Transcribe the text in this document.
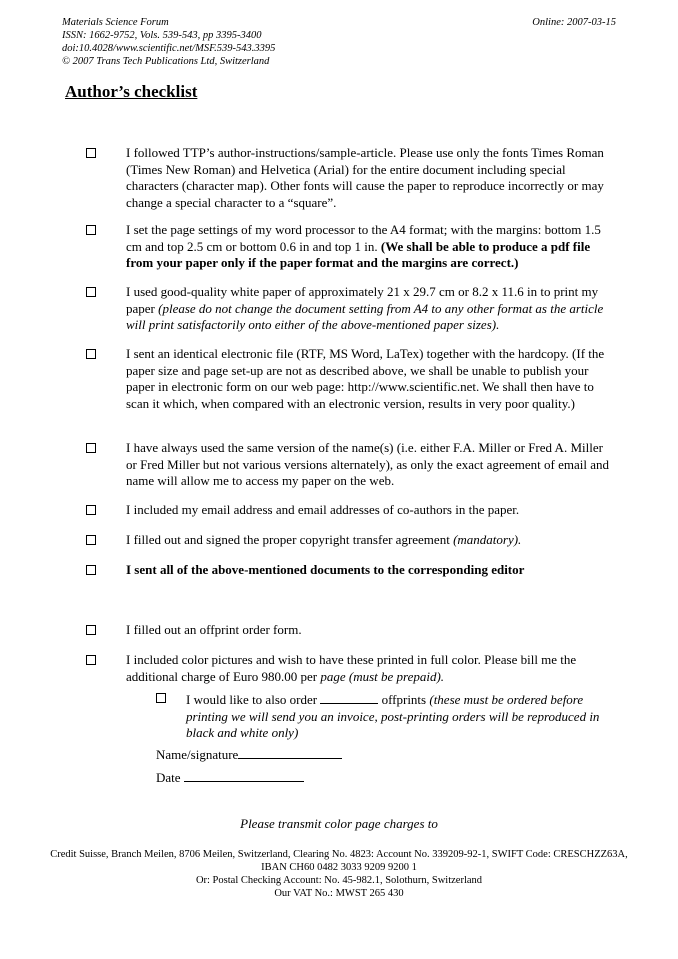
Materials Science Forum
ISSN: 1662-9752, Vols. 539-543, pp 3395-3400
doi:10.4028/www.scientific.net/MSF.539-543.3395
© 2007 Trans Tech Publications Ltd, Switzerland
Online: 2007-03-15
Author’s checklist
I followed TTP’s author-instructions/sample-article. Please use only the fonts Times Roman (Times New Roman) and Helvetica (Arial) for the entire document including special characters (character map). Other fonts will cause the paper to reproduce incorrectly or may change a special character to a “square”.
I set the page settings of my word processor to the A4 format; with the margins: bottom 1.5 cm and top 2.5 cm or bottom 0.6 in and top 1 in. (We shall be able to produce a pdf file from your paper only if the paper format and the margins are correct.)
I used good-quality white paper of approximately 21 x 29.7 cm or 8.2 x 11.6 in to print my paper (please do not change the document setting from A4 to any other format as the article will print satisfactorily onto either of the above-mentioned paper sizes).
I sent an identical electronic file (RTF, MS Word, LaTex) together with the hardcopy. (If the paper size and page set-up are not as described above, we shall be unable to publish your paper in electronic form on our web page: http://www.scientific.net. We shall then have to scan it which, when compared with an electronic version, results in very poor quality.)
I have always used the same version of the name(s) (i.e. either F.A. Miller or Fred A. Miller or Fred Miller but not various versions alternately), as only the exact agreement of email and name will allow me to access my paper on the web.
I included my email address and email addresses of co-authors in the paper.
I filled out and signed the proper copyright transfer agreement (mandatory).
I sent all of the above-mentioned documents to the corresponding editor
I filled out an offprint order form.
I included color pictures and wish to have these printed in full color. Please bill me the additional charge of Euro 980.00 per page (must be prepaid).
I would like to also order	offprints (these must be ordered before printing we will send you an invoice, post-printing orders will be reproduced in black and white only)
Name/signature
Date
Please transmit color page charges to
Credit Suisse, Branch Meilen, 8706 Meilen, Switzerland, Clearing No. 4823: Account No. 339209-92-1, SWIFT Code: CRESCHZZ63A, IBAN CH60 0482 3033 9209 9200 1
Or: Postal Checking Account: No. 45-982.1, Solothurn, Switzerland
Our VAT No.: MWST 265 430
